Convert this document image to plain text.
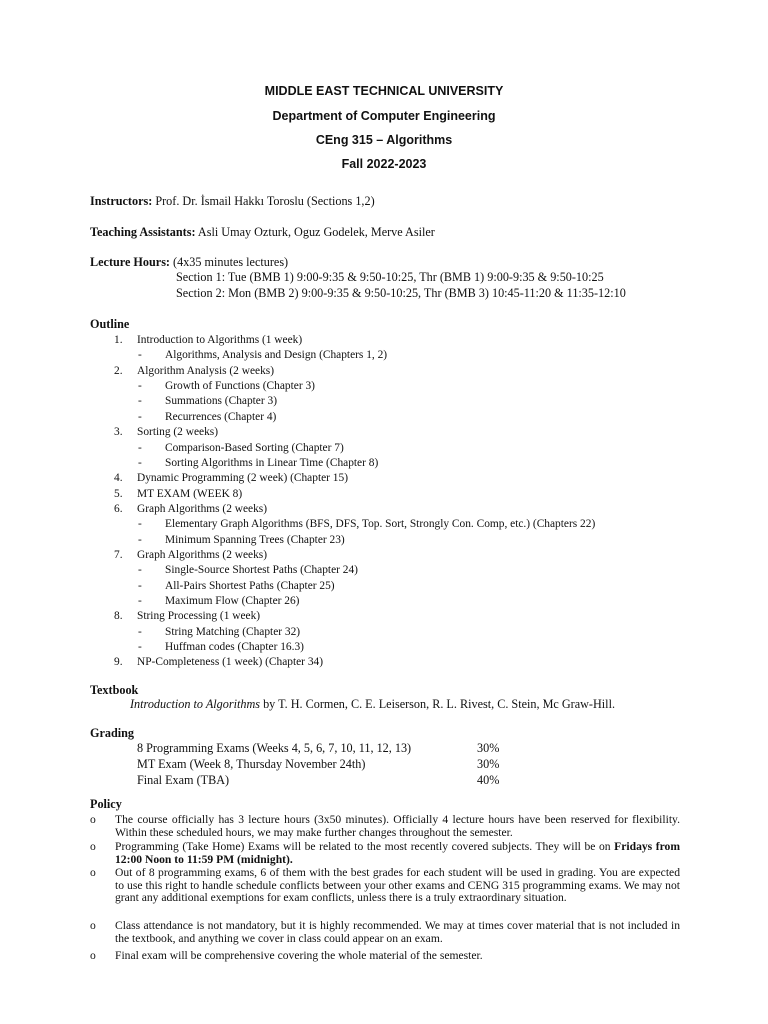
MIDDLE EAST TECHNICAL UNIVERSITY
Department of Computer Engineering
CEng 315 – Algorithms
Fall 2022-2023
Instructors: Prof. Dr. İsmail Hakkı Toroslu (Sections 1,2)
Teaching Assistants: Asli Umay Ozturk, Oguz Godelek, Merve Asiler
Lecture Hours: (4x35 minutes lectures)
Section 1: Tue (BMB 1) 9:00-9:35 & 9:50-10:25, Thr (BMB 1) 9:00-9:35 & 9:50-10:25
Section 2: Mon (BMB 2) 9:00-9:35 & 9:50-10:25, Thr (BMB 3) 10:45-11:20 & 11:35-12:10
Outline
1. Introduction to Algorithms (1 week)
- Algorithms, Analysis and Design (Chapters 1, 2)
2. Algorithm Analysis (2 weeks)
- Growth of Functions (Chapter 3)
- Summations (Chapter 3)
- Recurrences (Chapter 4)
3. Sorting (2 weeks)
- Comparison-Based Sorting (Chapter 7)
- Sorting Algorithms in Linear Time (Chapter 8)
4. Dynamic Programming (2 week) (Chapter 15)
5. MT EXAM (WEEK 8)
6. Graph Algorithms (2 weeks)
- Elementary Graph Algorithms (BFS, DFS, Top. Sort, Strongly Con. Comp, etc.) (Chapters 22)
- Minimum Spanning Trees (Chapter 23)
7. Graph Algorithms (2 weeks)
- Single-Source Shortest Paths (Chapter 24)
- All-Pairs Shortest Paths (Chapter 25)
- Maximum Flow (Chapter 26)
8. String Processing (1 week)
- String Matching (Chapter 32)
- Huffman codes (Chapter 16.3)
9. NP-Completeness (1 week) (Chapter 34)
Textbook
Introduction to Algorithms by T. H. Cormen, C. E. Leiserson, R. L. Rivest, C. Stein, Mc Graw-Hill.
Grading
8 Programming Exams (Weeks 4, 5, 6, 7, 10, 11, 12, 13)	30%
MT Exam (Week 8, Thursday November 24th)	30%
Final Exam (TBA)	40%
Policy
o The course officially has 3 lecture hours (3x50 minutes). Officially 4 lecture hours have been reserved for flexibility. Within these scheduled hours, we may make further changes throughout the semester.
o Programming (Take Home) Exams will be related to the most recently covered subjects. They will be on Fridays from 12:00 Noon to 11:59 PM (midnight).
o Out of 8 programming exams, 6 of them with the best grades for each student will be used in grading. You are expected to use this right to handle schedule conflicts between your other exams and CENG 315 programming exams. We may not grant any additional exemptions for exam conflicts, unless there is a truly extraordinary situation.
o Class attendance is not mandatory, but it is highly recommended. We may at times cover material that is not included in the textbook, and anything we cover in class could appear on an exam.
o Final exam will be comprehensive covering the whole material of the semester.
